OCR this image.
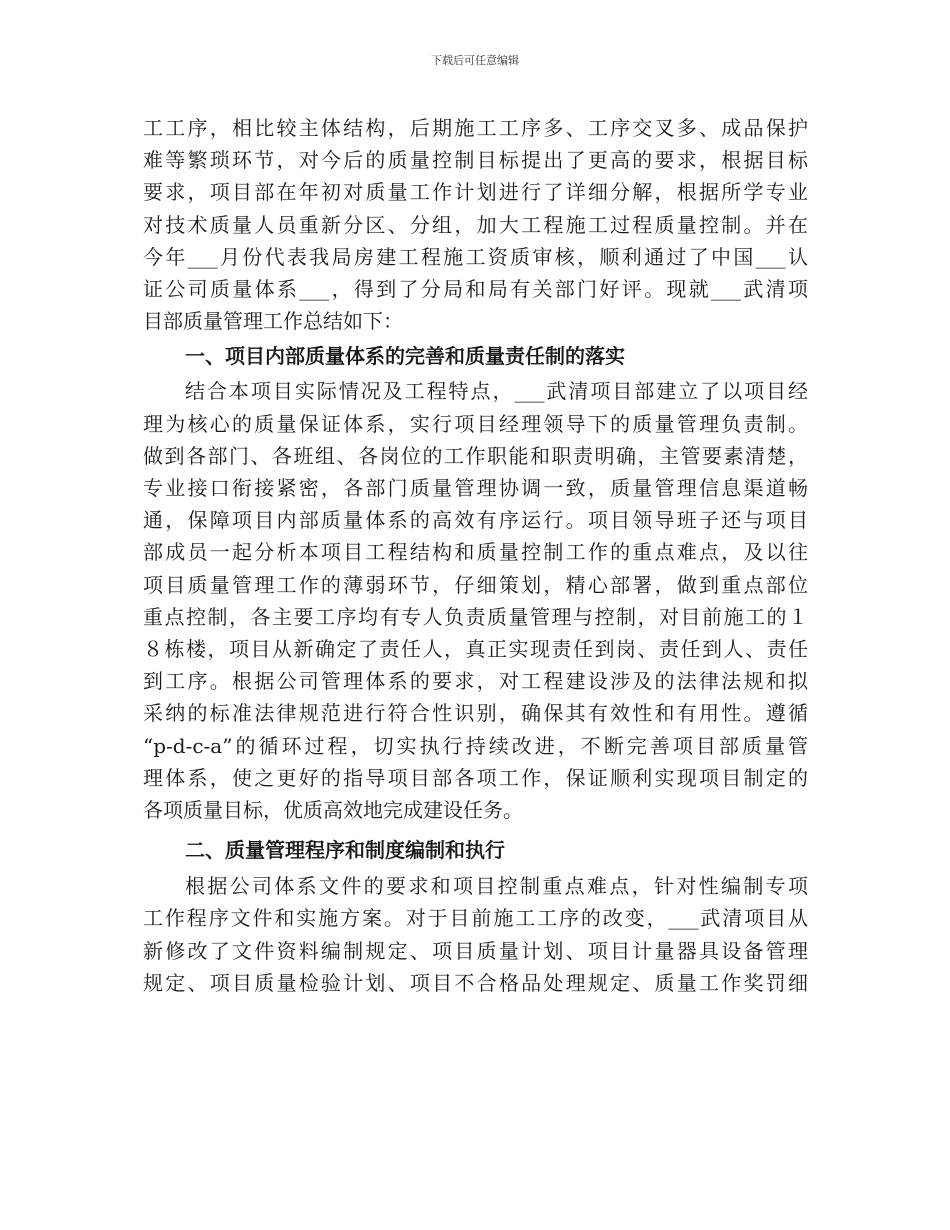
下载后可任意编辑
工工序，相比较主体结构，后期施工工序多、工序交叉多、成品保护
难等繁琐环节，对今后的质量控制目标提出了更高的要求，根据目标
要求，项目部在年初对质量工作计划进行了详细分解，根据所学专业
对技术质量人员重新分区、分组，加大工程施工过程质量控制。并在
今年___月份代表我局房建工程施工资质审核，顺利通过了中国___认
证公司质量体系___，得到了分局和局有关部门好评。现就___武清项
目部质量管理工作总结如下：
一、项目内部质量体系的完善和质量责任制的落实
结合本项目实际情况及工程特点，___武清项目部建立了以项目经
理为核心的质量保证体系，实行项目经理领导下的质量管理负责制。
做到各部门、各班组、各岗位的工作职能和职责明确，主管要素清楚，
专业接口衔接紧密，各部门质量管理协调一致，质量管理信息渠道畅
通，保障项目内部质量体系的高效有序运行。项目领导班子还与项目
部成员一起分析本项目工程结构和质量控制工作的重点难点，及以往
项目质量管理工作的薄弱环节，仔细策划，精心部署，做到重点部位
重点控制，各主要工序均有专人负责质量管理与控制，对目前施工的１
８栋楼，项目从新确定了责任人，真正实现责任到岗、责任到人、责任
到工序。根据公司管理体系的要求，对工程建设涉及的法律法规和拟
采纳的标准法律规范进行符合性识别，确保其有效性和有用性。遵循
“p-d-c-a”的循环过程，切实执行持续改进，不断完善项目部质量管
理体系，使之更好的指导项目部各项工作，保证顺利实现项目制定的
各项质量目标，优质高效地完成建设任务。
二、质量管理程序和制度编制和执行
根据公司体系文件的要求和项目控制重点难点，针对性编制专项
工作程序文件和实施方案。对于目前施工工序的改变，___武清项目从
新修改了文件资料编制规定、项目质量计划、项目计量器具设备管理
规定、项目质量检验计划、项目不合格品处理规定、质量工作奖罚细
